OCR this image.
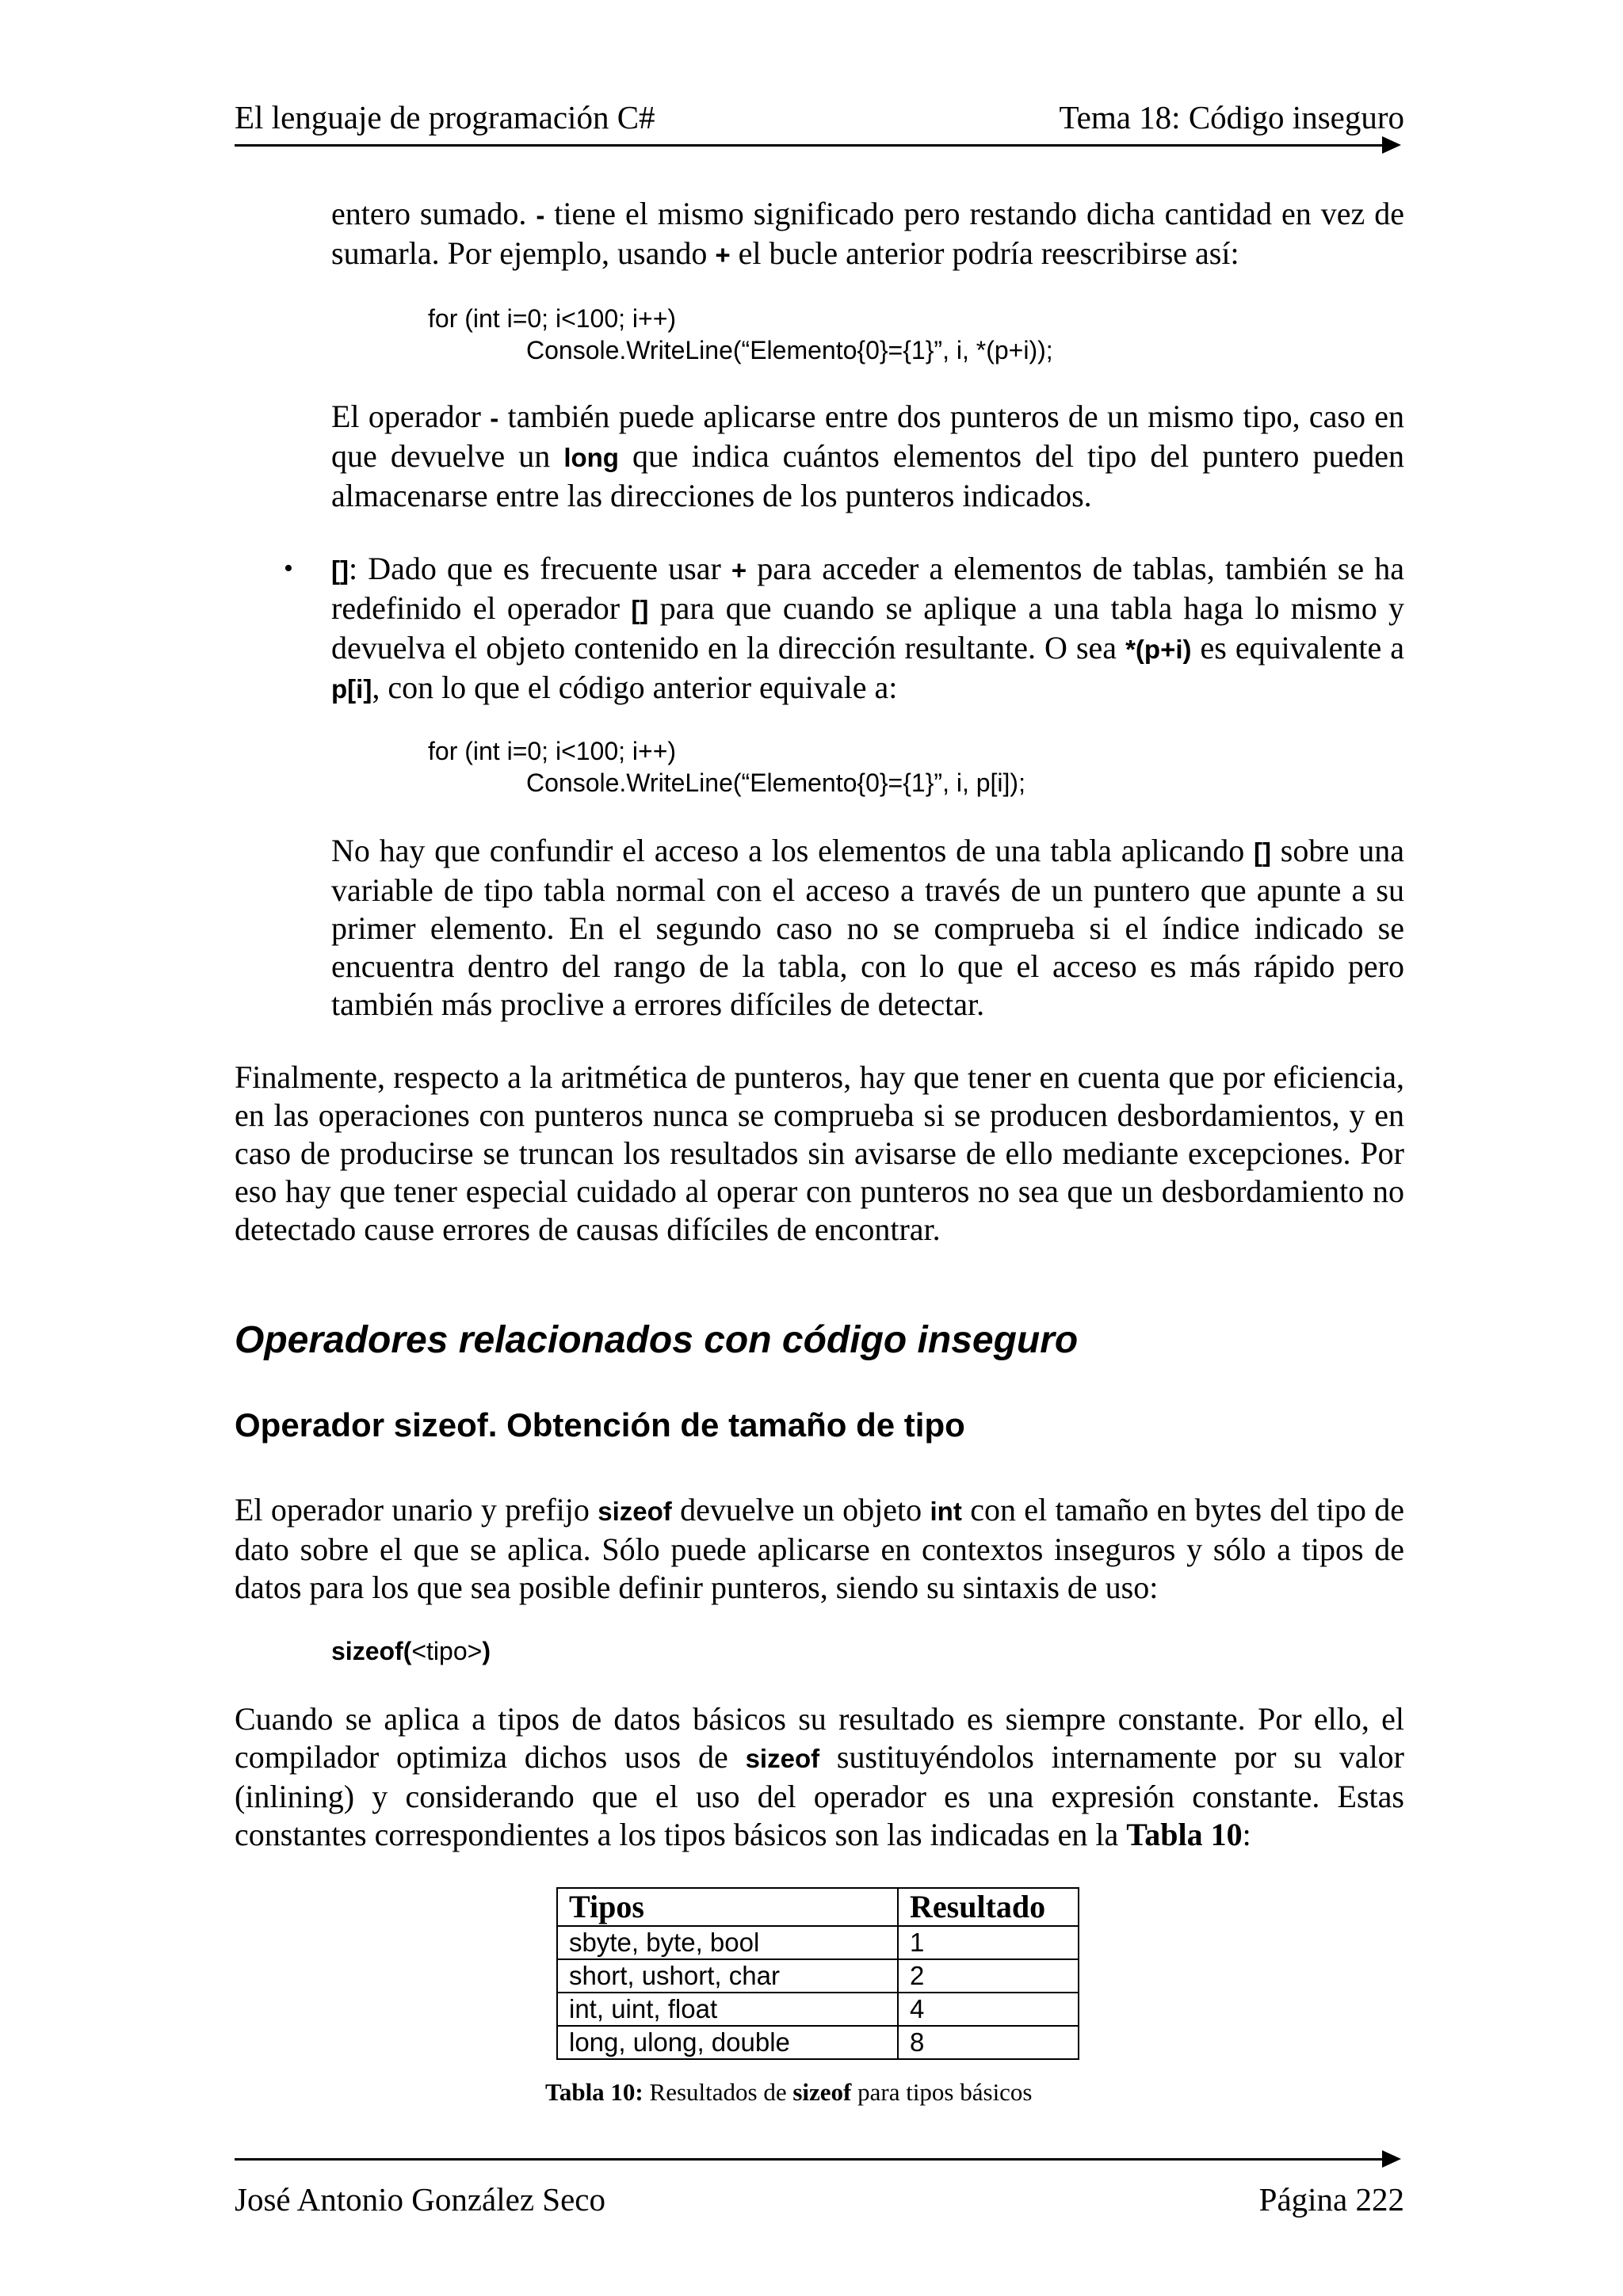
El lenguaje de programación C#	Tema 18: Código inseguro

entero sumado. - tiene el mismo significado pero restando dicha cantidad en vez de sumarla. Por ejemplo, usando + el bucle anterior podría reescribirse así:

for (int i=0; i<100; i++)
Console.WriteLine(“Elemento{0}={1}”, i, *(p+i));

El operador - también puede aplicarse entre dos punteros de un mismo tipo, caso en que devuelve un long que indica cuántos elementos del tipo del puntero pueden almacenarse entre las direcciones de los punteros indicados.

• []: Dado que es frecuente usar + para acceder a elementos de tablas, también se ha redefinido el operador [] para que cuando se aplique a una tabla haga lo mismo y devuelva el objeto contenido en la dirección resultante. O sea *(p+i) es equivalente a p[i], con lo que el código anterior equivale a:

for (int i=0; i<100; i++)
Console.WriteLine(“Elemento{0}={1}”, i, p[i]);

No hay que confundir el acceso a los elementos de una tabla aplicando [] sobre una variable de tipo tabla normal con el acceso a través de un puntero que apunte a su primer elemento. En el segundo caso no se comprueba si el índice indicado se encuentra dentro del rango de la tabla, con lo que el acceso es más rápido pero también más proclive a errores difíciles de detectar.

Finalmente, respecto a la aritmética de punteros, hay que tener en cuenta que por eficiencia, en las operaciones con punteros nunca se comprueba si se producen desbordamientos, y en caso de producirse se truncan los resultados sin avisarse de ello mediante excepciones. Por eso hay que tener especial cuidado al operar con punteros no sea que un desbordamiento no detectado cause errores de causas difíciles de encontrar.

Operadores relacionados con código inseguro
Operador sizeof. Obtención de tamaño de tipo

El operador unario y prefijo sizeof devuelve un objeto int con el tamaño en bytes del tipo de dato sobre el que se aplica. Sólo puede aplicarse en contextos inseguros y sólo a tipos de datos para los que sea posible definir punteros, siendo su sintaxis de uso:

sizeof(<tipo>)

Cuando se aplica a tipos de datos básicos su resultado es siempre constante. Por ello, el compilador optimiza dichos usos de sizeof sustituyéndolos internamente por su valor (inlining) y considerando que el uso del operador es una expresión constante. Estas constantes correspondientes a los tipos básicos son las indicadas en la Tabla 10:

Tipos	Resultado
sbyte, byte, bool	1
short, ushort, char	2
int, uint, float	4
long, ulong, double	8
Tabla 10: Resultados de sizeof para tipos básicos
José Antonio González Seco	Página 222
